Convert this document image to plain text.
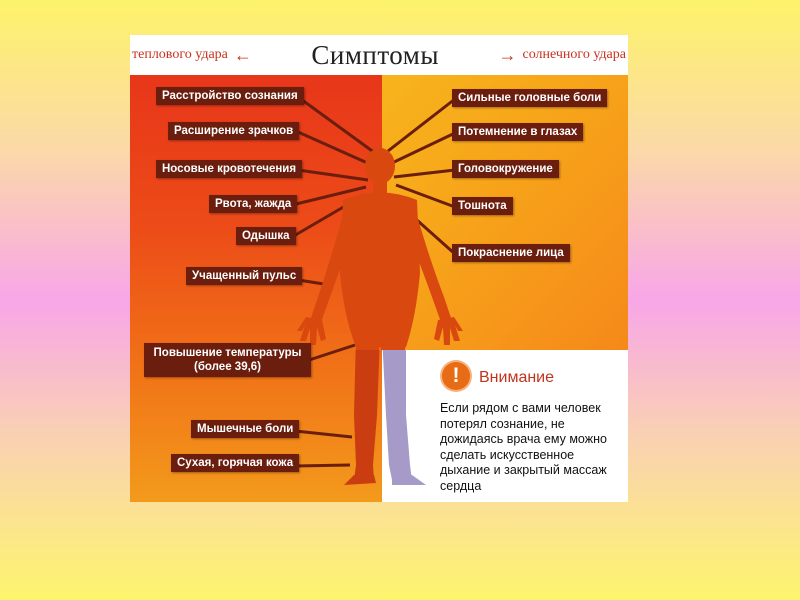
теплового удара ← Симптомы	→ солнечного удара
Расстройство сознания
Расширение зрачков
Носовые кровотечения
Рвота, жажда
Одышка
Учащенный пульс
Повышение температуры (более 39,6)
Мышечные боли
Сухая, горячая кожа
Сильные головные боли
Потемнение в глазах
Головокружение
Тошнота
Покраснение лица
!	Внимание
Если рядом с вами человек потерял сознание, не дожидаясь врача ему можно сделать искусственное дыхание и закрытый массаж сердца
